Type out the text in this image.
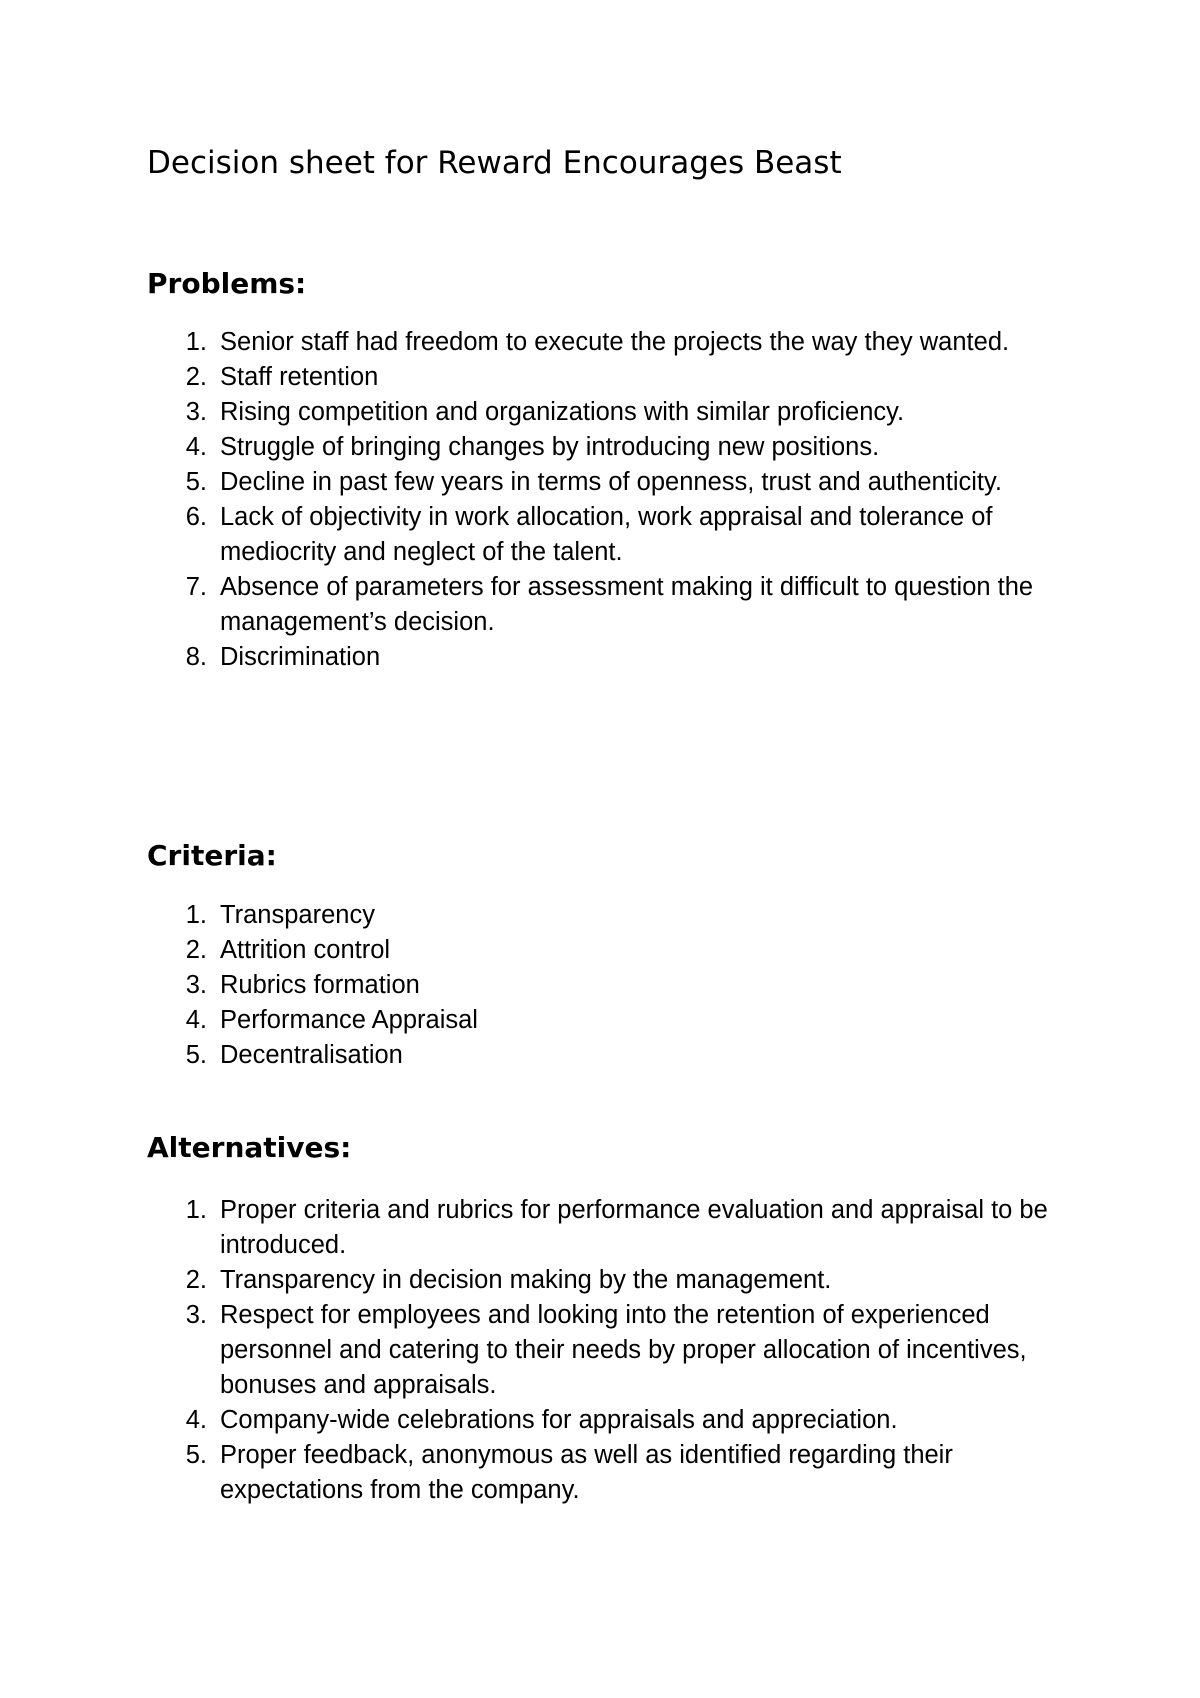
Decision sheet for Reward Encourages Beast
Problems:
1. Senior staff had freedom to execute the projects the way they wanted.
2. Staff retention
3. Rising competition and organizations with similar proficiency.
4. Struggle of bringing changes by introducing new positions.
5. Decline in past few years in terms of openness, trust and authenticity.
6. Lack of objectivity in work allocation, work appraisal and tolerance of mediocrity and neglect of the talent.
7. Absence of parameters for assessment making it difficult to question the management’s decision.
8. Discrimination
Criteria:
1. Transparency
2. Attrition control
3. Rubrics formation
4. Performance Appraisal
5. Decentralisation
Alternatives:
1. Proper criteria and rubrics for performance evaluation and appraisal to be introduced.
2. Transparency in decision making by the management.
3. Respect for employees and looking into the retention of experienced personnel and catering to their needs by proper allocation of incentives, bonuses and appraisals.
4. Company-wide celebrations for appraisals and appreciation.
5. Proper feedback, anonymous as well as identified regarding their expectations from the company.
